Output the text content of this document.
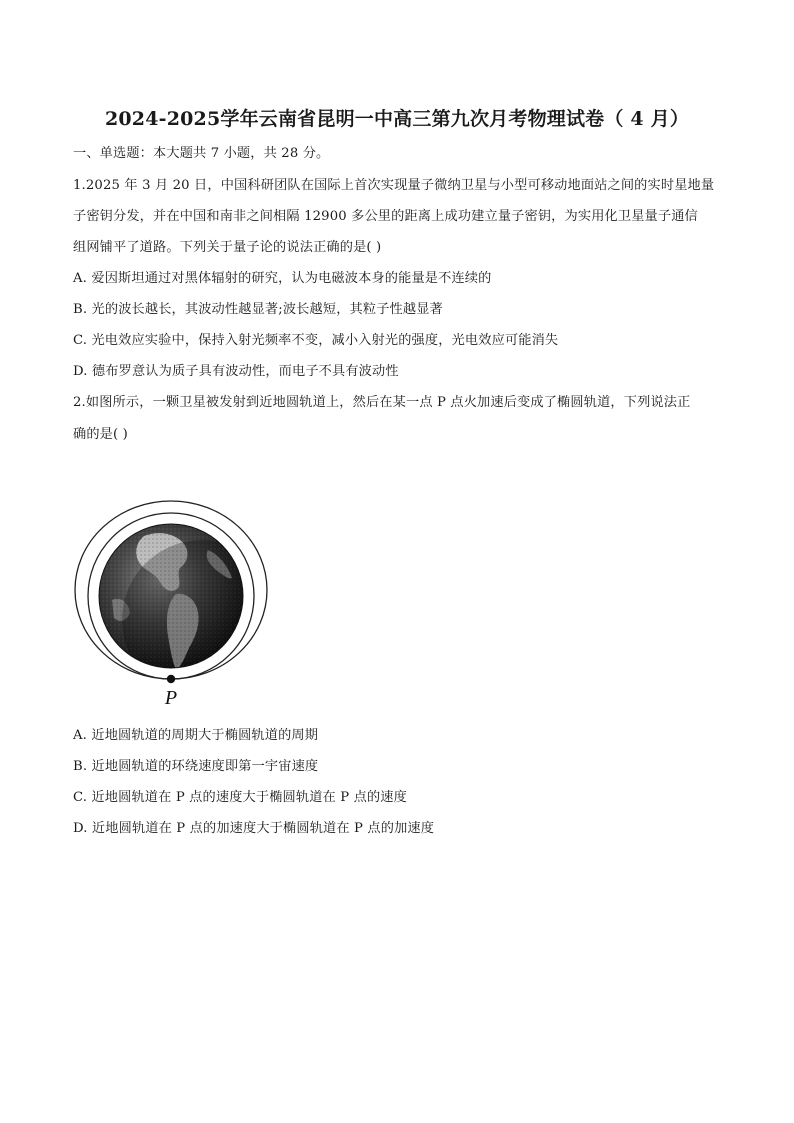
2024-2025学年云南省昆明一中高三第九次月考物理试卷（ 4 月）
一、单选题：本大题共 7 小题，共 28 分。
1.2025 年 3 月 20 日，中国科研团队在国际上首次实现量子微纳卫星与小型可移动地面站之间的实时星地量
子密钥分发，并在中国和南非之间相隔 12900 多公里的距离上成功建立量子密钥，为实用化卫星量子通信
组网铺平了道路。下列关于量子论的说法正确的是( )
A. 爱因斯坦通过对黑体辐射的研究，认为电磁波本身的能量是不连续的
B. 光的波长越长，其波动性越显著;波长越短，其粒子性越显著
C. 光电效应实验中，保持入射光频率不变，减小入射光的强度，光电效应可能消失
D. 德布罗意认为质子具有波动性，而电子不具有波动性
2.如图所示，一颗卫星被发射到近地圆轨道上，然后在某一点 P 点火加速后变成了椭圆轨道，下列说法正
确的是( )
P
A. 近地圆轨道的周期大于椭圆轨道的周期
B. 近地圆轨道的环绕速度即第一宇宙速度
C. 近地圆轨道在 P 点的速度大于椭圆轨道在 P 点的速度
D. 近地圆轨道在 P 点的加速度大于椭圆轨道在 P 点的加速度
